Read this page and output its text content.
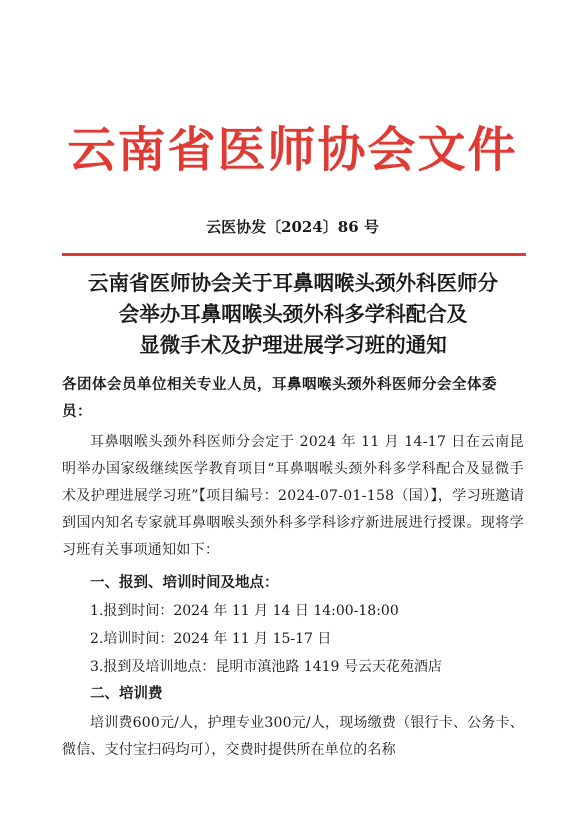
云南省医师协会文件
云医协发〔2024〕86 号
云南省医师协会关于耳鼻咽喉头颈外科医师分
会举办耳鼻咽喉头颈外科多学科配合及
显微手术及护理进展学习班的通知
各团体会员单位相关专业人员，耳鼻咽喉头颈外科医师分会全体委员：
耳鼻咽喉头颈外科医师分会定于 2024 年 11 月 14-17 日在云南昆明举办国家级继续医学教育项目“耳鼻咽喉头颈外科多学科配合及显微手术及护理进展学习班”【项目编号：2024-07-01-158（国）】，学习班邀请到国内知名专家就耳鼻咽喉头颈外科多学科诊疗新进展进行授课。现将学习班有关事项通知如下：
一、报到、培训时间及地点：
1.报到时间：2024 年 11 月 14 日 14:00-18:00
2.培训时间：2024 年 11 月 15-17 日
3.报到及培训地点：昆明市滇池路 1419 号云天花苑酒店
二、培训费
培训费600元/人，护理专业300元/人，现场缴费（银行卡、公务卡、微信、支付宝扫码均可），交费时提供所在单位的名称
